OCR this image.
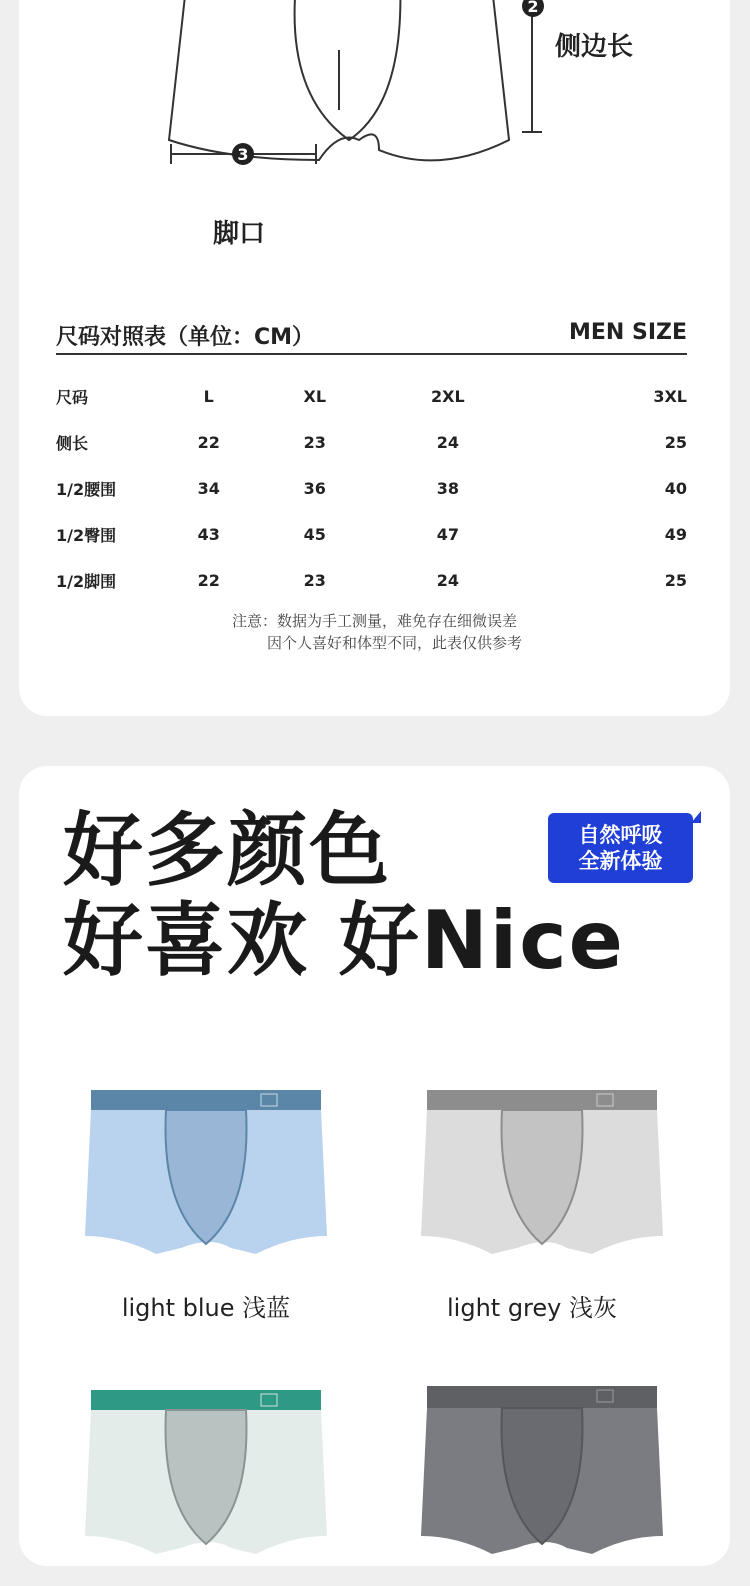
2
3
侧边长
脚口
尺码对照表（单位：CM）	MEN SIZE
尺码	L	XL	2XL	3XL
侧长	22	23	24	25
1/2腰围	34	36	38	40
1/2臀围	43	45	47	49
1/2脚围	22	23	24	25
注意：数据为手工测量，难免存在细微误差
因个人喜好和体型不同，此表仅供参考
好多颜色
好喜欢 好Nice
自然呼吸
全新体验
light blue 浅蓝	light grey 浅灰
